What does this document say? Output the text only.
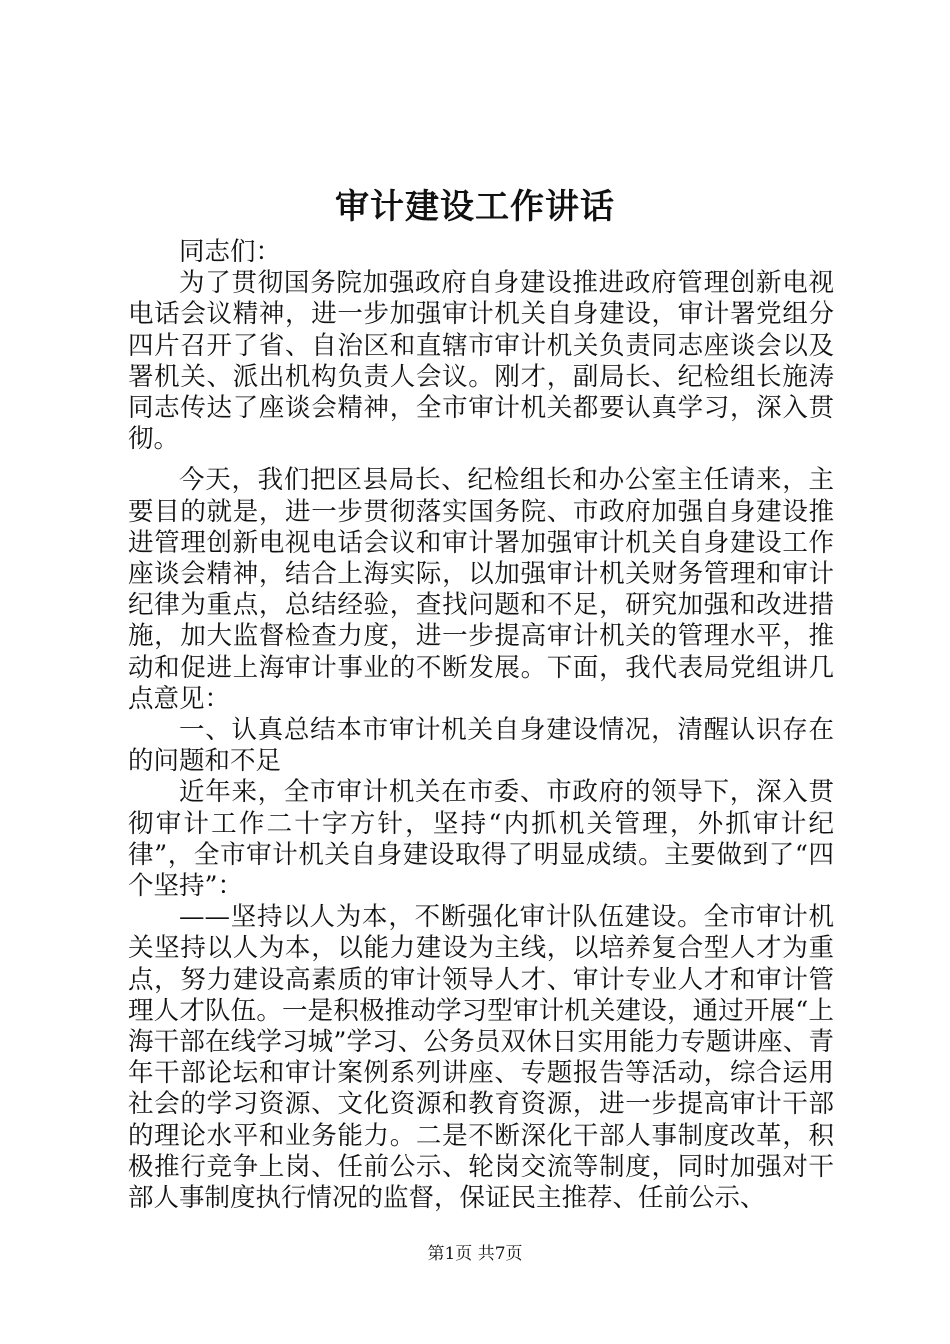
审计建设工作讲话

同志们：

为了贯彻国务院加强政府自身建设推进政府管理创新电视电话会议精神，进一步加强审计机关自身建设，审计署党组分四片召开了省、自治区和直辖市审计机关负责同志座谈会以及署机关、派出机构负责人会议。刚才，副局长、纪检组长施涛同志传达了座谈会精神，全市审计机关都要认真学习，深入贯彻。

今天，我们把区县局长、纪检组长和办公室主任请来，主要目的就是，进一步贯彻落实国务院、市政府加强自身建设推进管理创新电视电话会议和审计署加强审计机关自身建设工作座谈会精神，结合上海实际，以加强审计机关财务管理和审计纪律为重点，总结经验，查找问题和不足，研究加强和改进措施，加大监督检查力度，进一步提高审计机关的管理水平，推动和促进上海审计事业的不断发展。下面，我代表局党组讲几点意见：

一、认真总结本市审计机关自身建设情况，清醒认识存在的问题和不足

近年来，全市审计机关在市委、市政府的领导下，深入贯彻审计工作二十字方针，坚持“内抓机关管理，外抓审计纪律”，全市审计机关自身建设取得了明显成绩。主要做到了“四个坚持”：

——坚持以人为本，不断强化审计队伍建设。全市审计机关坚持以人为本，以能力建设为主线，以培养复合型人才为重点，努力建设高素质的审计领导人才、审计专业人才和审计管理人才队伍。一是积极推动学习型审计机关建设，通过开展“上海干部在线学习城”学习、公务员双休日实用能力专题讲座、青年干部论坛和审计案例系列讲座、专题报告等活动，综合运用社会的学习资源、文化资源和教育资源，进一步提高审计干部的理论水平和业务能力。二是不断深化干部人事制度改革，积极推行竞争上岗、任前公示、轮岗交流等制度，同时加强对干部人事制度执行情况的监督，保证民主推荐、任前公示、

第1页 共7页
